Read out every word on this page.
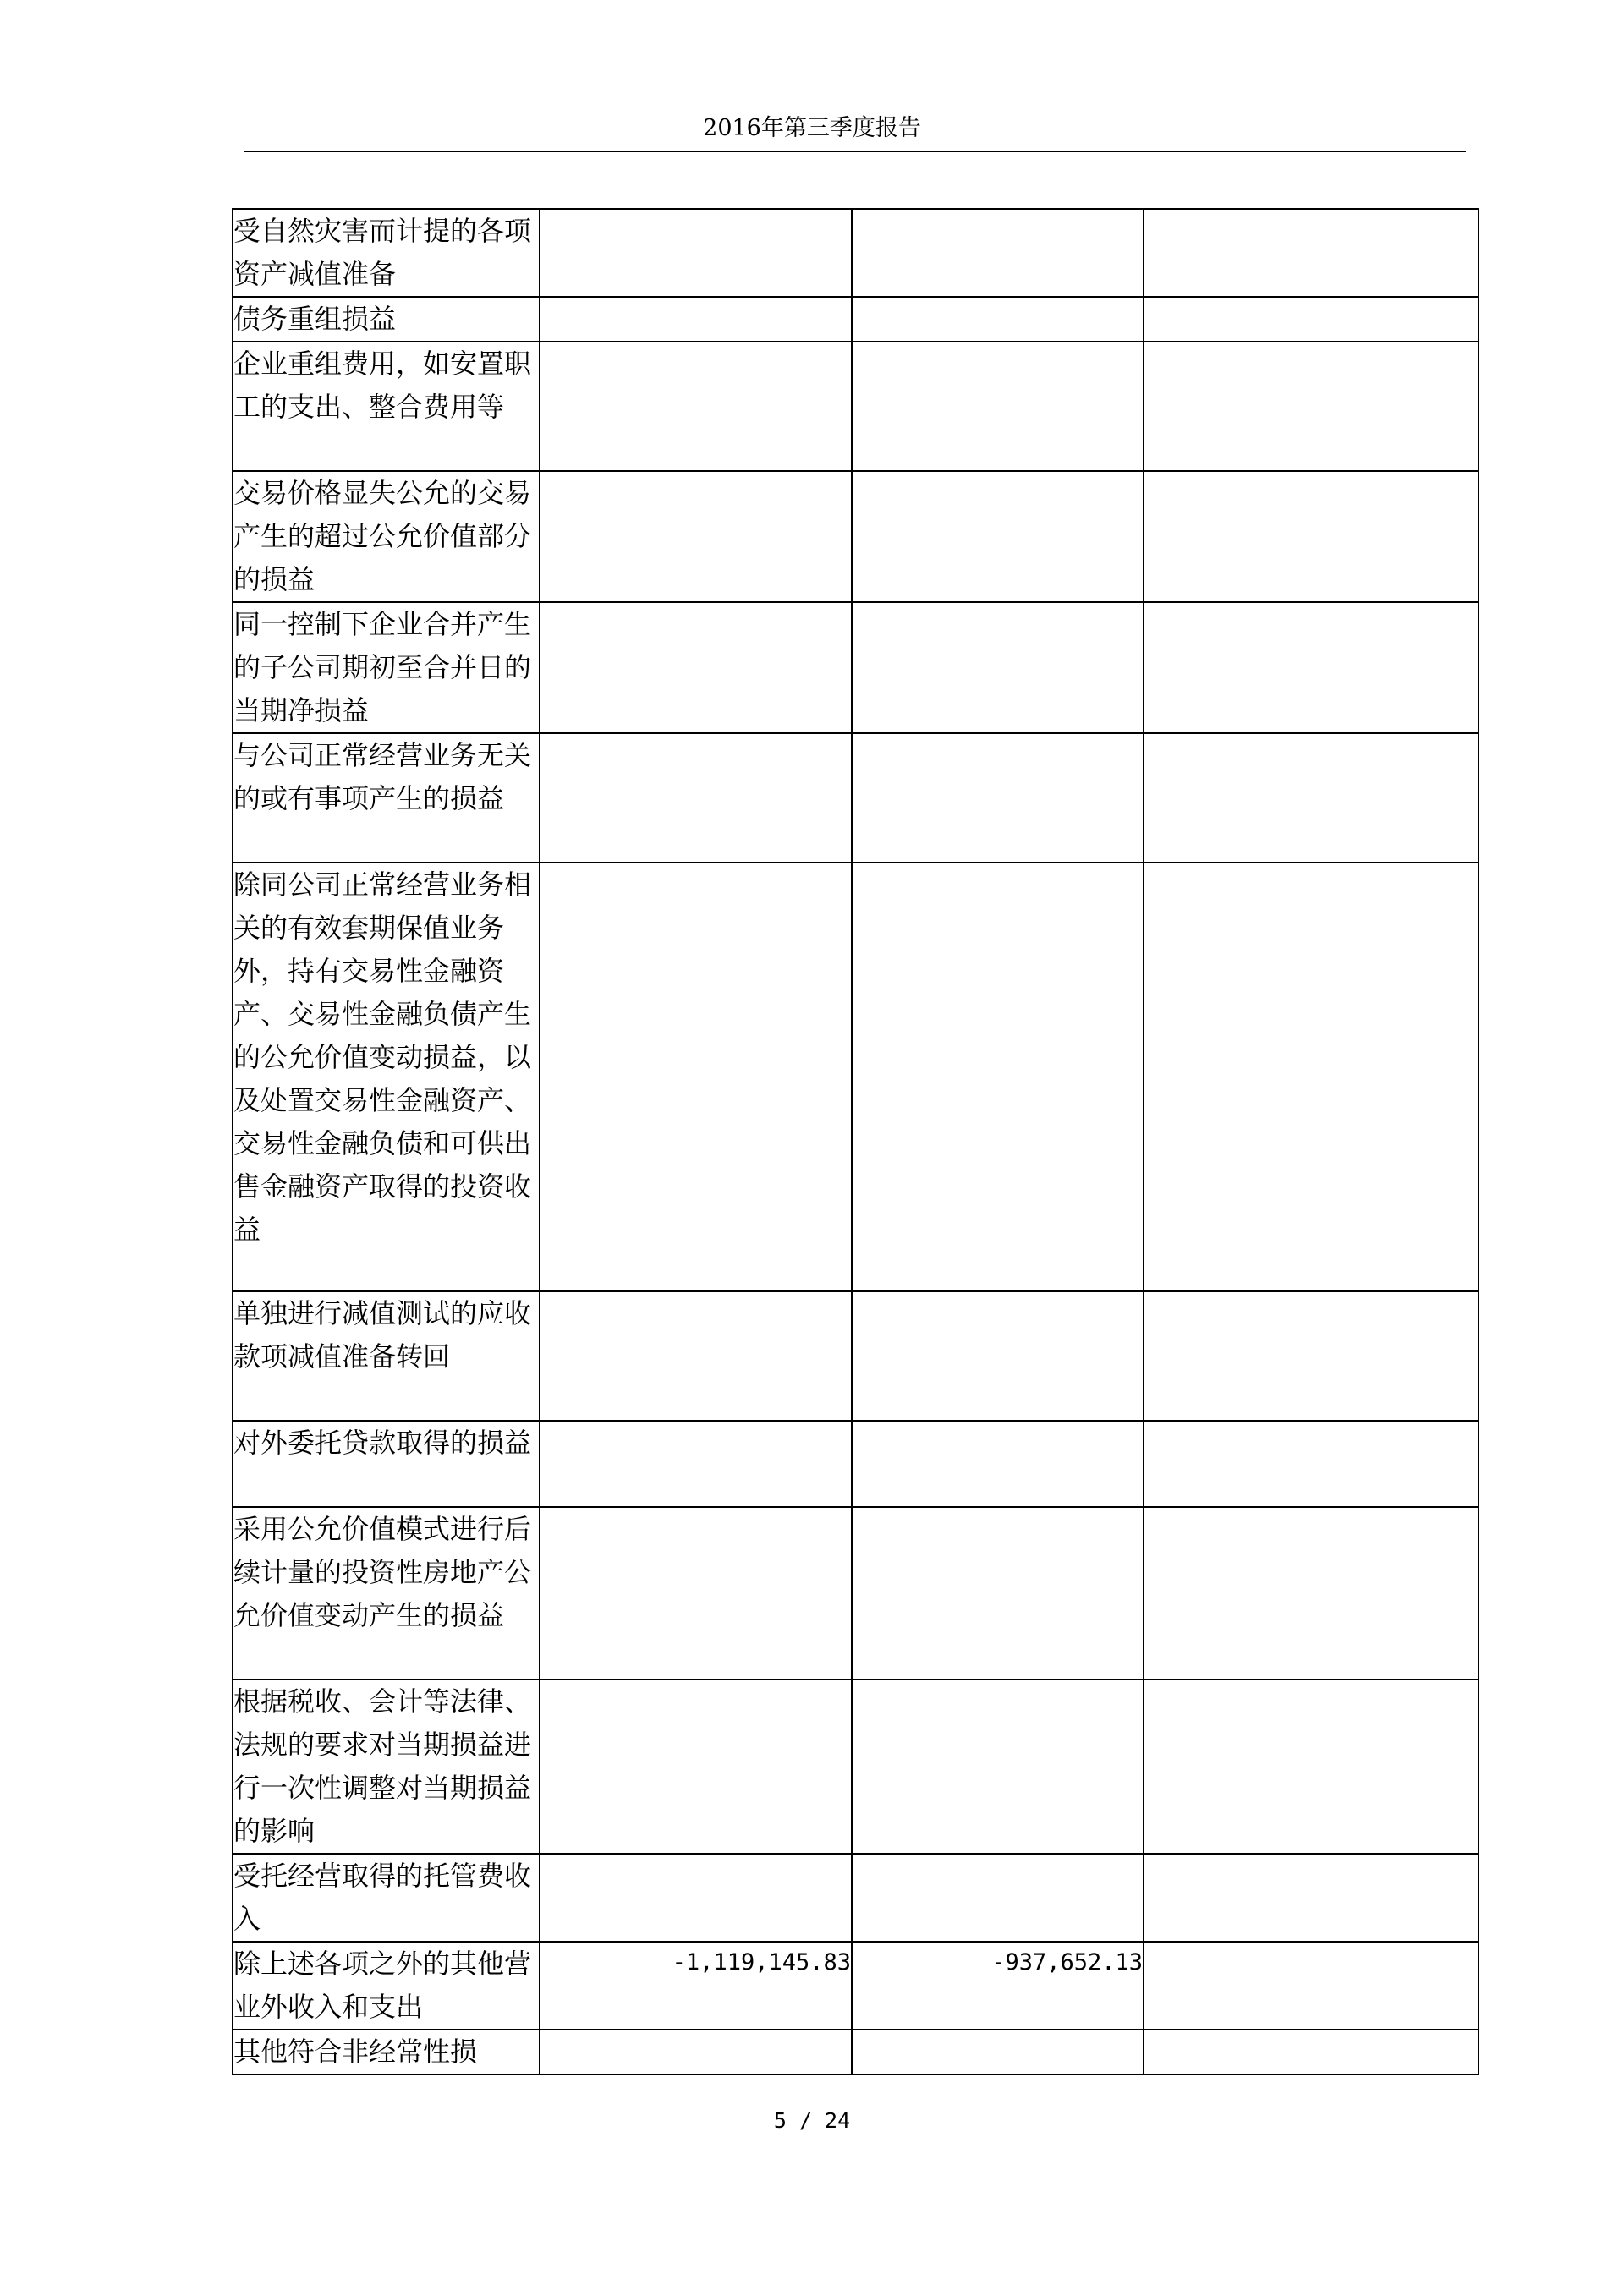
2016年第三季度报告
受自然灾害而计提的各项资产减值准备			
债务重组损益			
企业重组费用，如安置职工的支出、整合费用等			
交易价格显失公允的交易产生的超过公允价值部分的损益			
同一控制下企业合并产生的子公司期初至合并日的当期净损益			
与公司正常经营业务无关的或有事项产生的损益			
除同公司正常经营业务相关的有效套期保值业务外，持有交易性金融资产、交易性金融负债产生的公允价值变动损益，以及处置交易性金融资产、交易性金融负债和可供出售金融资产取得的投资收益			
单独进行减值测试的应收款项减值准备转回			
对外委托贷款取得的损益			
采用公允价值模式进行后续计量的投资性房地产公允价值变动产生的损益			
根据税收、会计等法律、法规的要求对当期损益进行一次性调整对当期损益的影响			
受托经营取得的托管费收入			
除上述各项之外的其他营业外收入和支出	-1,119,145.83	-937,652.13	
其他符合非经常性损			
5 / 24
